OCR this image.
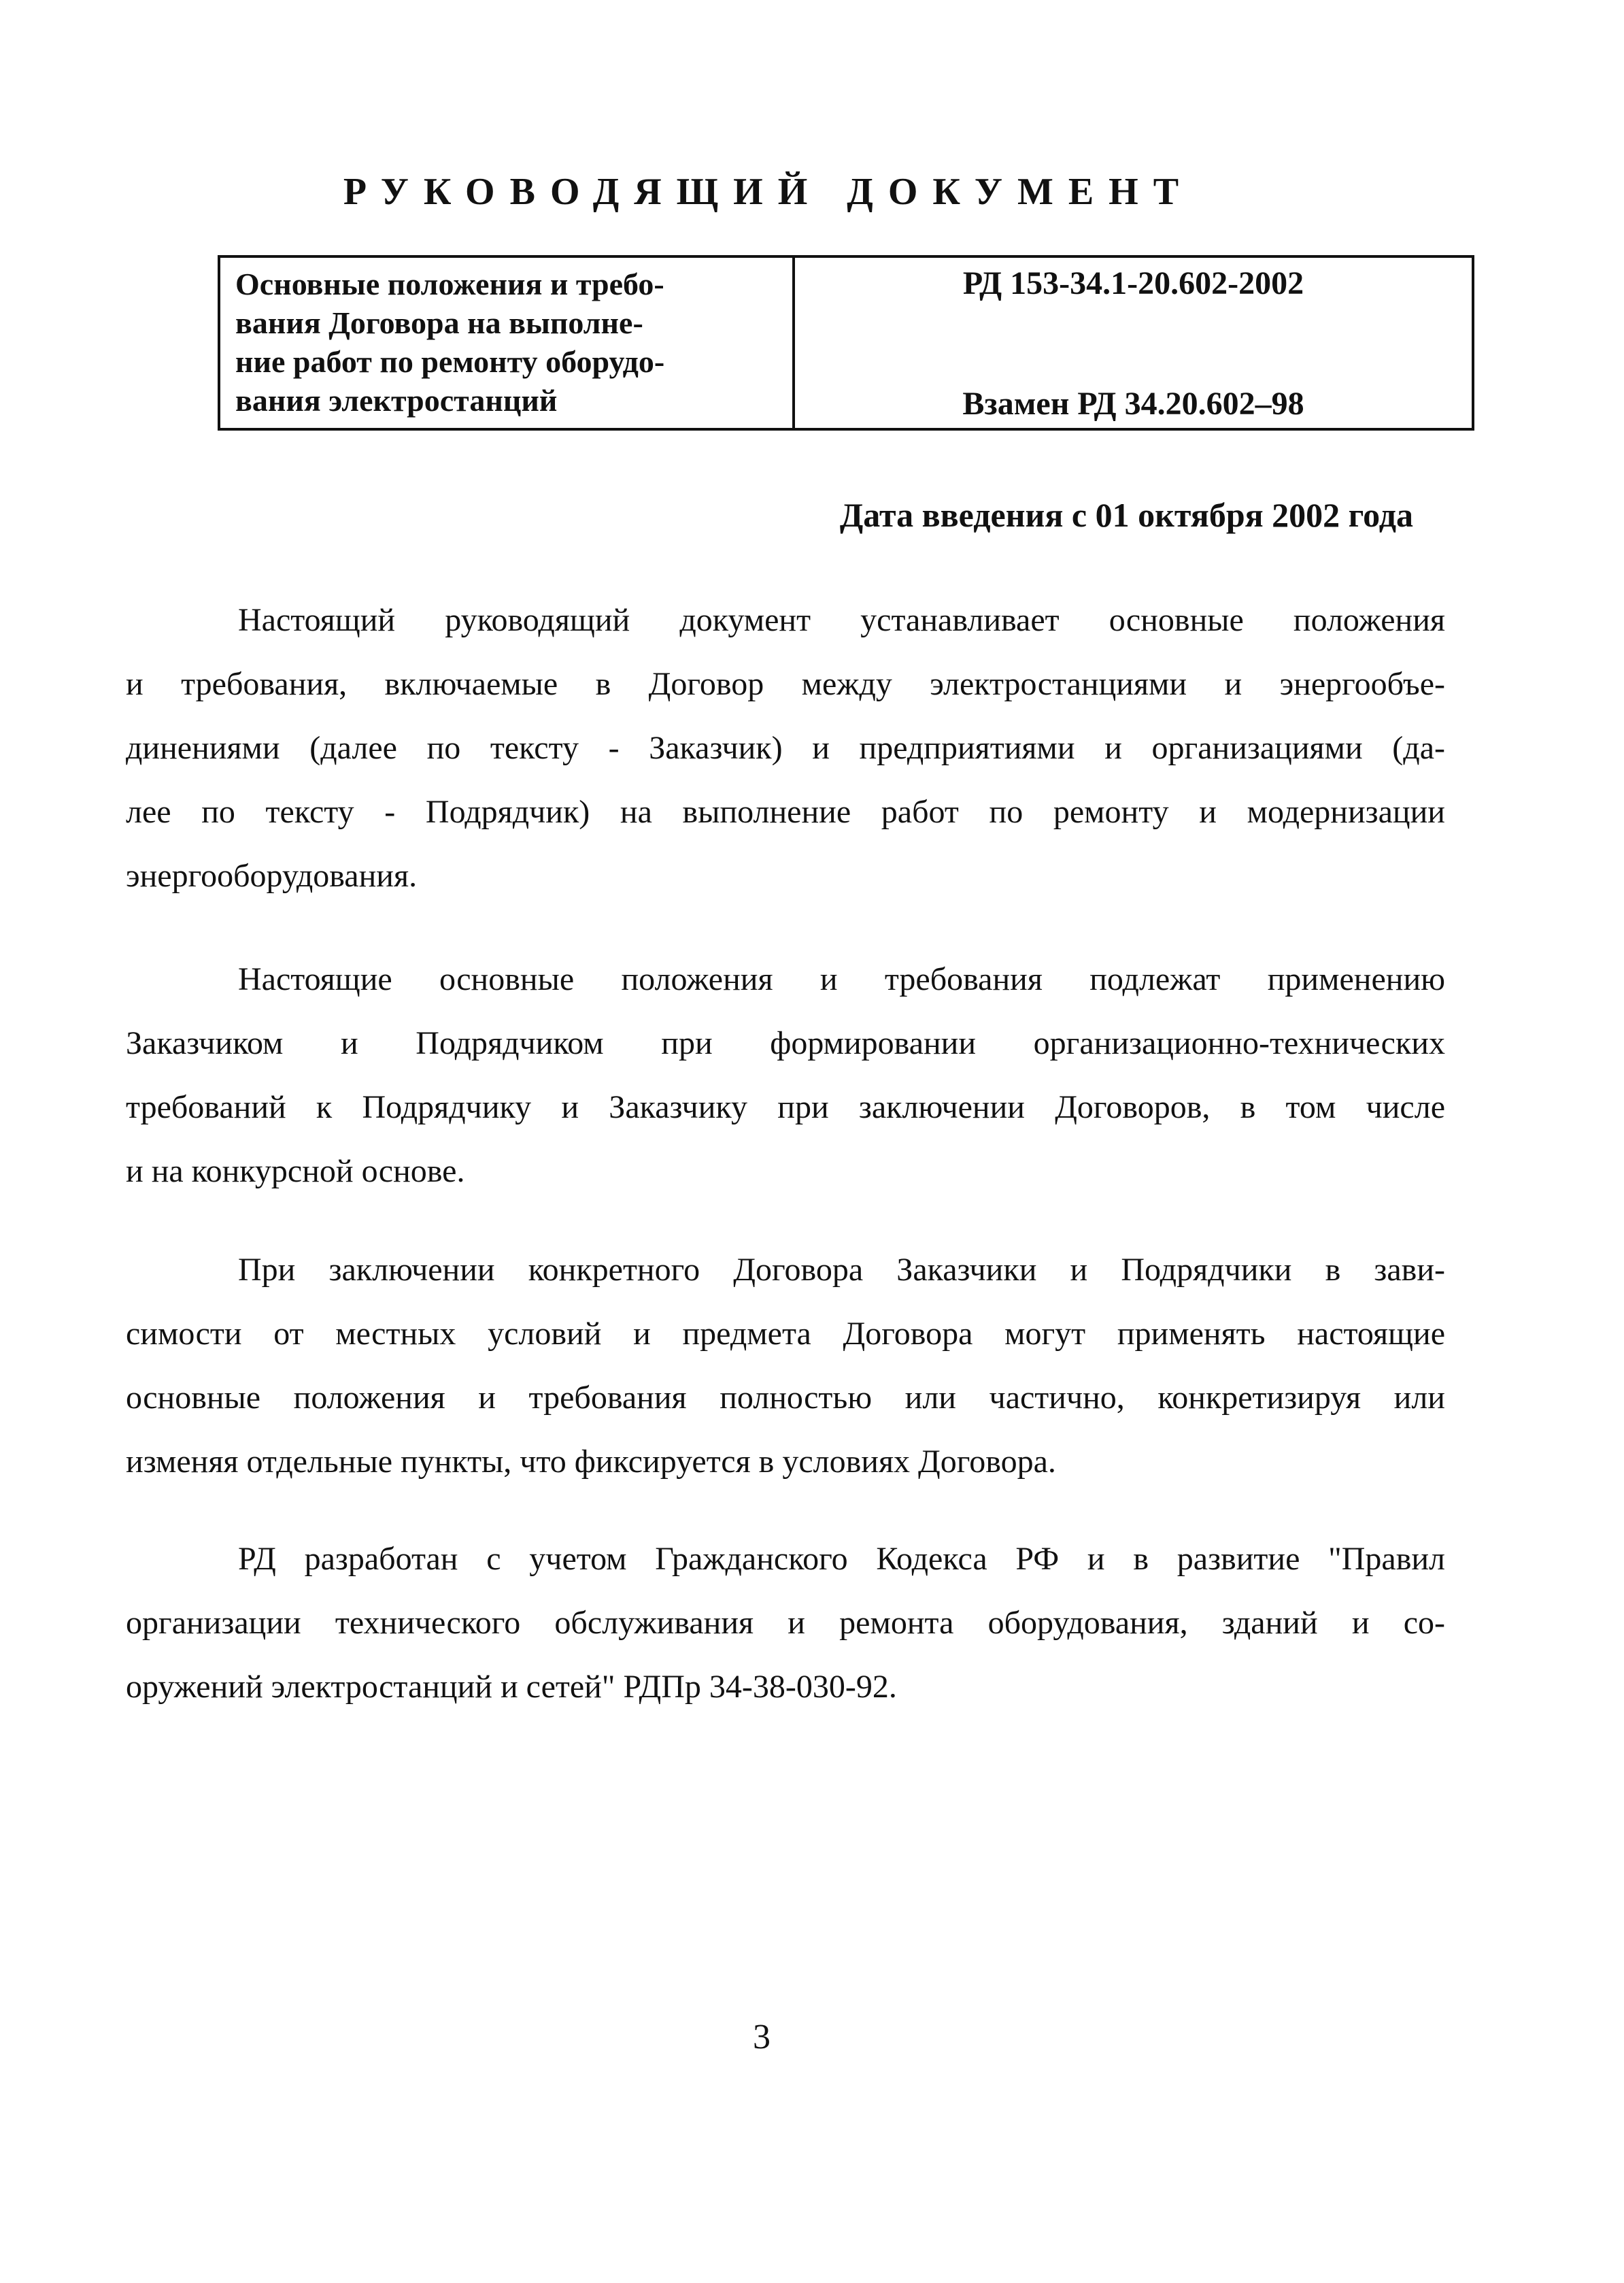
РУКОВОДЯЩИЙ ДОКУМЕНТ
Основные положения и требо-
вания Договора на выполне-
ние работ по ремонту оборудо-
вания электростанций
РД 153-34.1-20.602-2002
Взамен РД 34.20.602–98
Дата введения с 01 октября 2002 года
Настоящий руководящий документ устанавливает основные положения
и требования, включаемые в Договор между электростанциями и энергообъе-
динениями (далее по тексту - Заказчик) и предприятиями и организациями (да-
лее по тексту - Подрядчик) на выполнение работ по ремонту и модернизации
энергооборудования.
Настоящие основные положения и требования подлежат применению
Заказчиком и Подрядчиком при формировании организационно-технических
требований к Подрядчику и Заказчику при заключении Договоров, в том числе
и на конкурсной основе.
При заключении конкретного Договора Заказчики и Подрядчики в зави-
симости от местных условий и предмета Договора могут применять настоящие
основные положения и требования полностью или частично, конкретизируя или
изменяя отдельные пункты, что фиксируется в условиях Договора.
РД разработан с учетом Гражданского Кодекса РФ и в развитие "Правил
организации технического обслуживания и ремонта оборудования, зданий и со-
оружений электростанций и сетей" РДПр 34-38-030-92.
3
